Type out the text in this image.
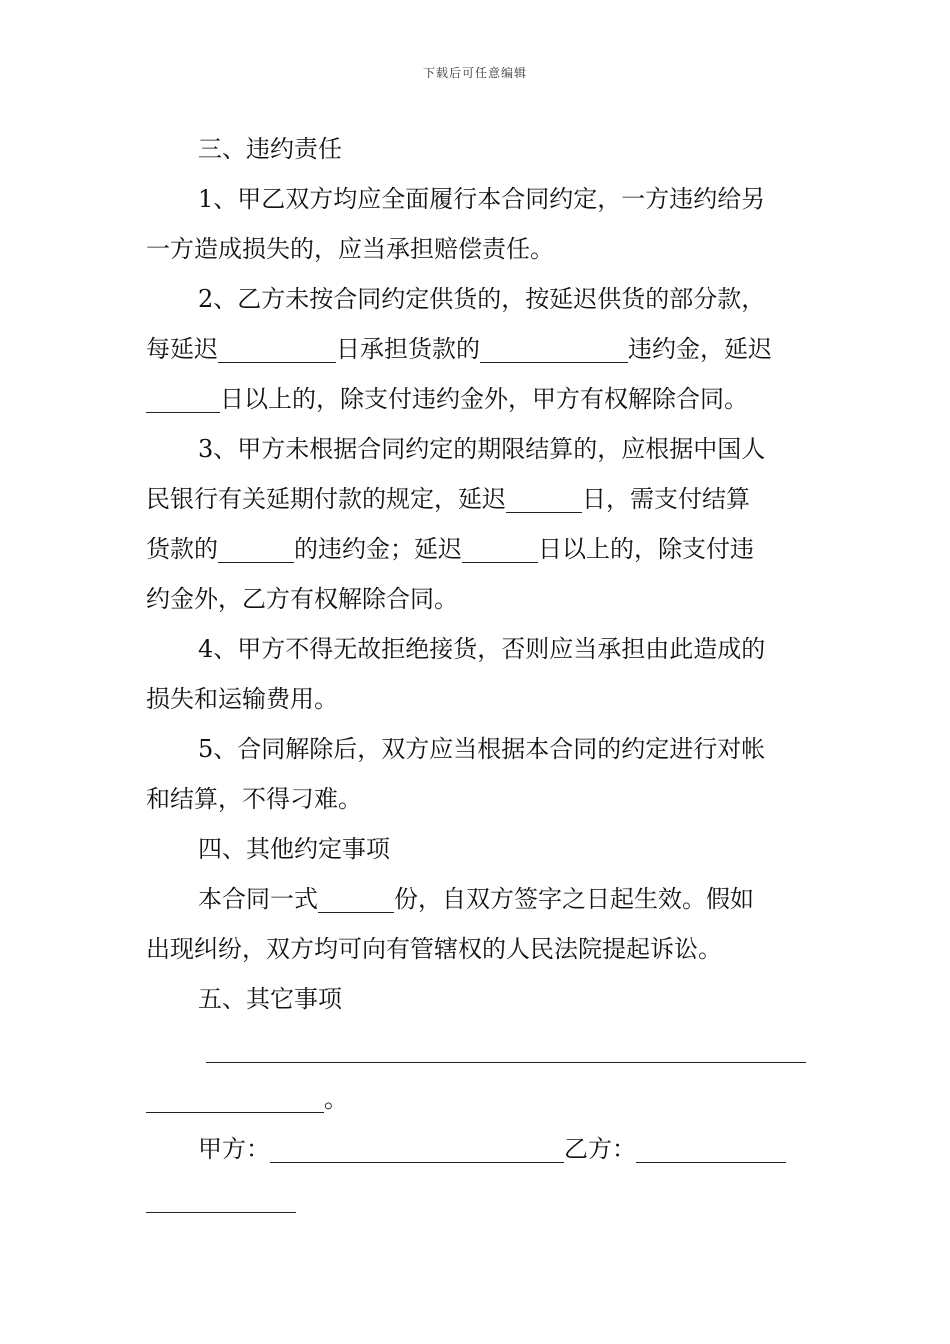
下载后可任意编辑
三、违约责任
1、甲乙双方均应全面履行本合同约定，一方违约给另
一方造成损失的，应当承担赔偿责任。
2、乙方未按合同约定供货的，按延迟供货的部分款，
每延迟	日承担货款的	违约金，延迟
日以上的，除支付违约金外，甲方有权解除合同。
3、甲方未根据合同约定的期限结算的，应根据中国人
民银行有关延期付款的规定，延迟	日，需支付结算
货款的	的违约金；延迟	日以上的，除支付违
约金外，乙方有权解除合同。
4、甲方不得无故拒绝接货，否则应当承担由此造成的
损失和运输费用。
5、合同解除后，双方应当根据本合同的约定进行对帐
和结算，不得刁难。
四、其他约定事项
本合同一式	份，自双方签字之日起生效。假如
出现纠纷，双方均可向有管辖权的人民法院提起诉讼。
五、其它事项
。
甲方：	乙方：
